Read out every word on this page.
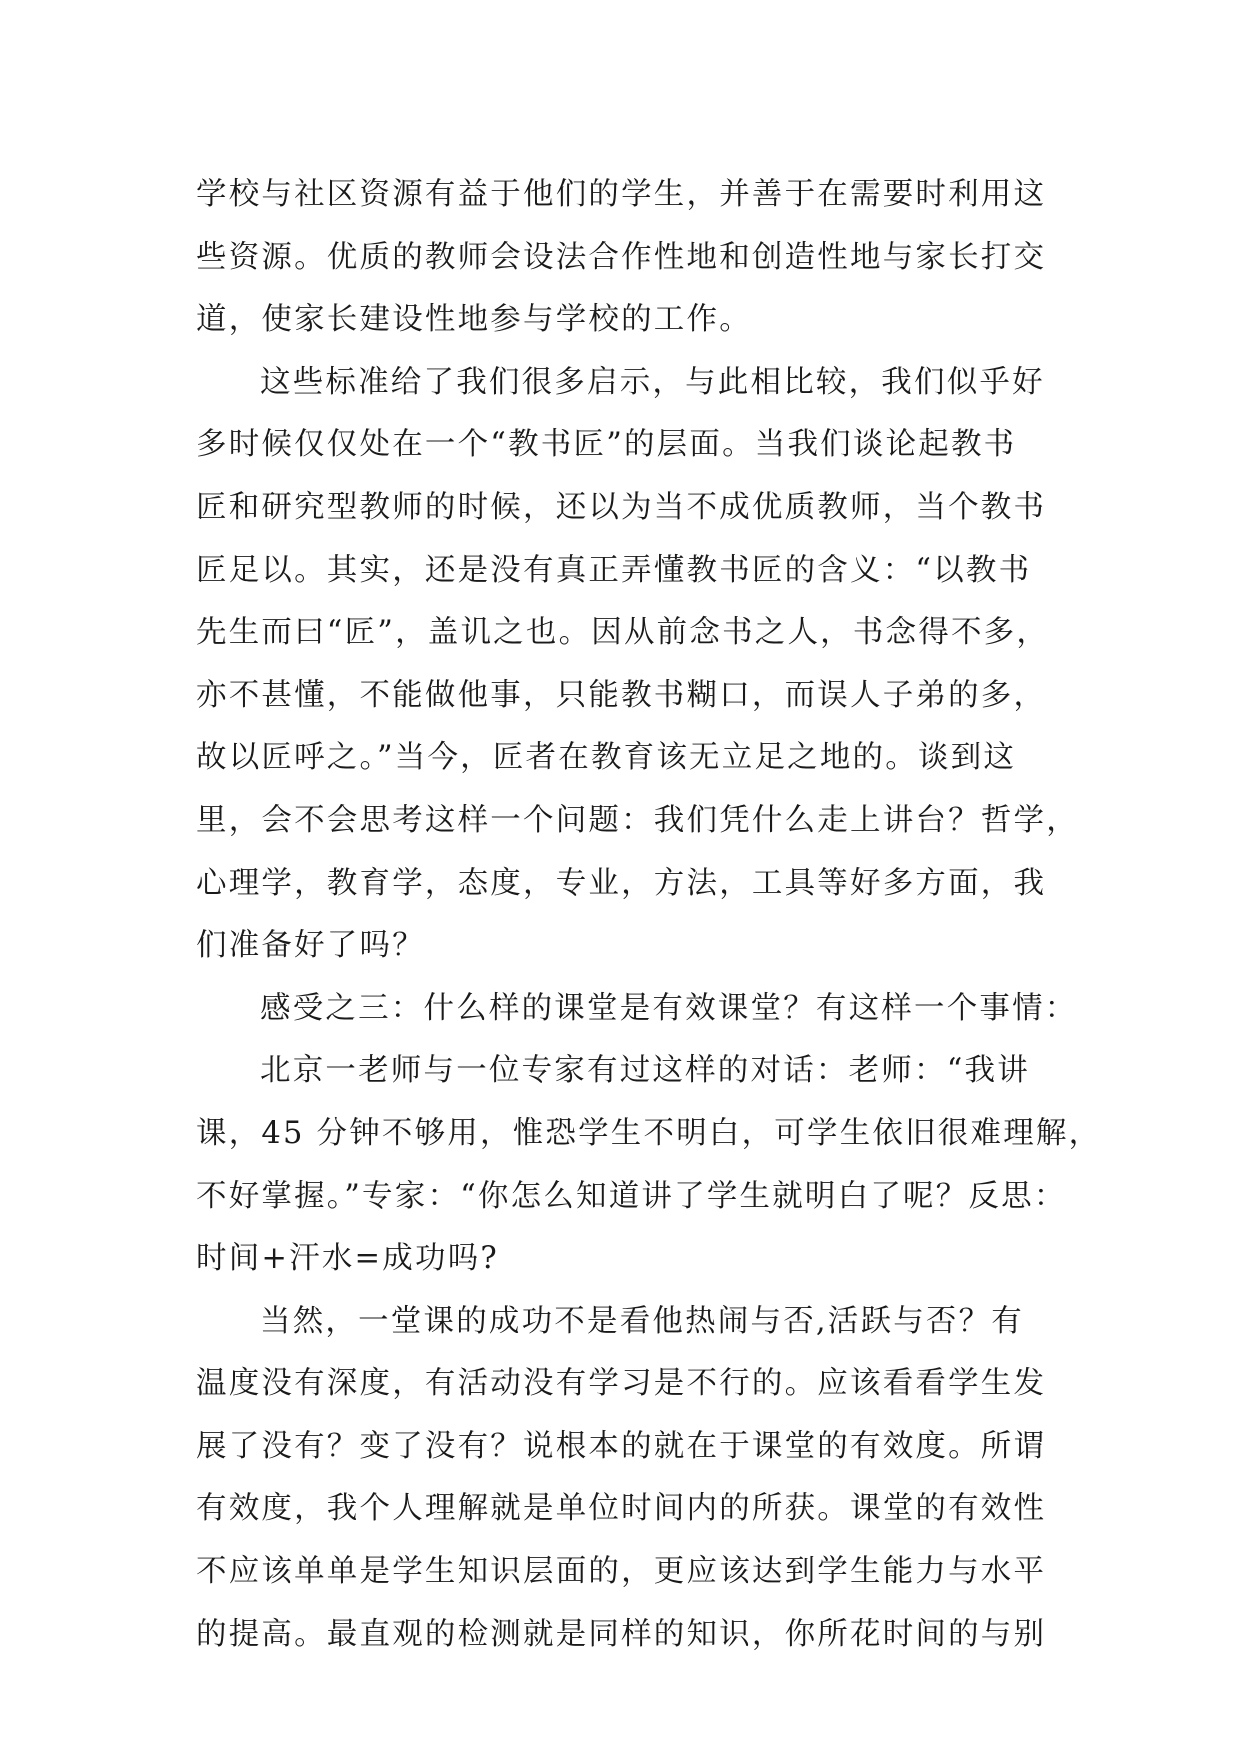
学校与社区资源有益于他们的学生，并善于在需要时利用这
些资源。优质的教师会设法合作性地和创造性地与家长打交
道，使家长建设性地参与学校的工作。
这些标准给了我们很多启示，与此相比较，我们似乎好
多时候仅仅处在一个“教书匠”的层面。当我们谈论起教书
匠和研究型教师的时候，还以为当不成优质教师，当个教书
匠足以。其实，还是没有真正弄懂教书匠的含义：“以教书
先生而曰“匠”，盖讥之也。因从前念书之人，书念得不多，
亦不甚懂，不能做他事，只能教书糊口，而误人子弟的多，
故以匠呼之。”当今，匠者在教育该无立足之地的。谈到这
里，会不会思考这样一个问题：我们凭什么走上讲台？哲学，
心理学，教育学，态度，专业，方法，工具等好多方面，我
们准备好了吗？
感受之三：什么样的课堂是有效课堂？有这样一个事情：
北京一老师与一位专家有过这样的对话：老师：“我讲
课，45 分钟不够用，惟恐学生不明白，可学生依旧很难理解，
不好掌握。”专家：“你怎么知道讲了学生就明白了呢？反思：
时间+汗水=成功吗?
当然，一堂课的成功不是看他热闹与否,活跃与否？有
温度没有深度，有活动没有学习是不行的。应该看看学生发
展了没有？变了没有？说根本的就在于课堂的有效度。所谓
有效度，我个人理解就是单位时间内的所获。课堂的有效性
不应该单单是学生知识层面的，更应该达到学生能力与水平
的提高。最直观的检测就是同样的知识，你所花时间的与别
